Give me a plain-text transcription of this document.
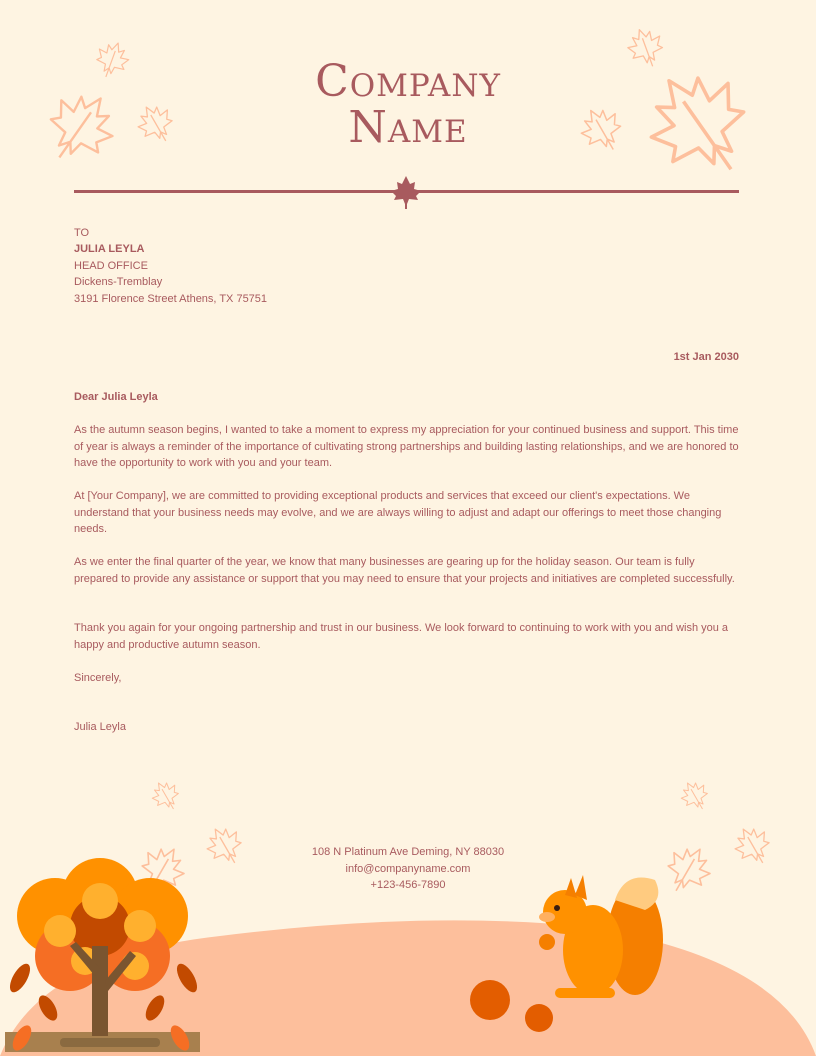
Company
Name
TO
JULIA LEYLA
HEAD OFFICE
Dickens-Tremblay
3191 Florence Street Athens, TX 75751
1st Jan 2030
Dear Julia Leyla
As the autumn season begins, I wanted to take a moment to express my appreciation for your continued business and support. This time of year is always a reminder of the importance of cultivating strong partnerships and building lasting relationships, and we are honored to have the opportunity to work with you and your team.
At [Your Company], we are committed to providing exceptional products and services that exceed our client's expectations. We understand that your business needs may evolve, and we are always willing to adjust and adapt our offerings to meet those changing needs.
As we enter the final quarter of the year, we know that many businesses are gearing up for the holiday season. Our team is fully prepared to provide any assistance or support that you may need to ensure that your projects and initiatives are completed successfully.
Thank you again for your ongoing partnership and trust in our business. We look forward to continuing to work with you and wish you a happy and productive autumn season.
Sincerely,
Julia Leyla
108 N Platinum Ave Deming, NY 88030
info@companyname.com
+123-456-7890
